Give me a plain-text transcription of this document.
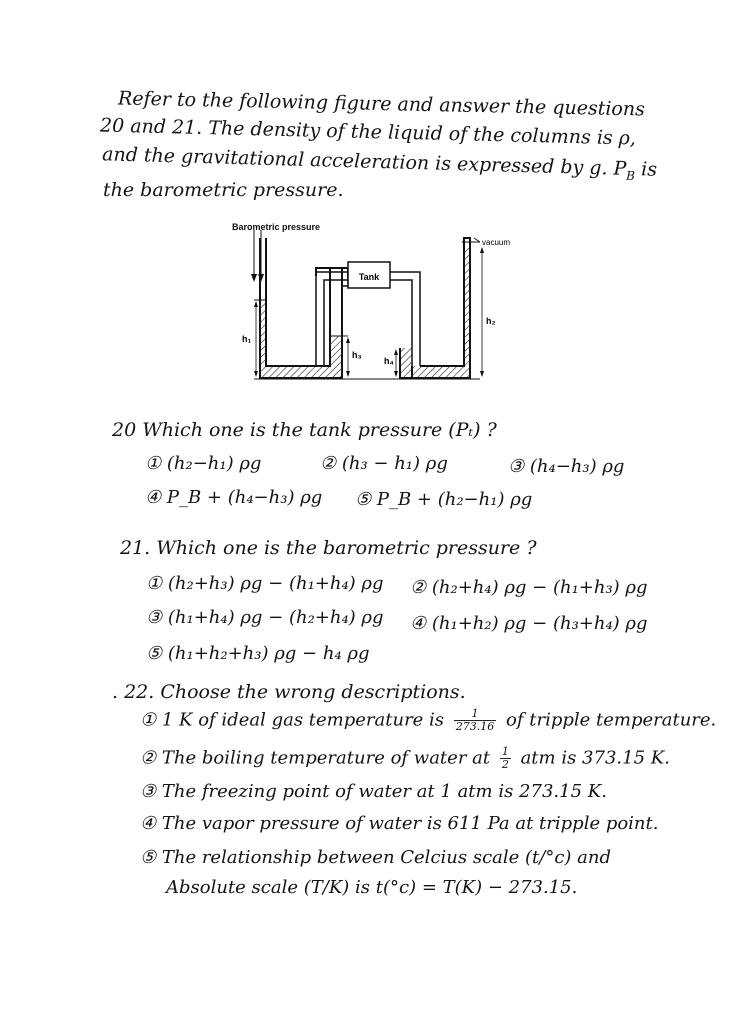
Refer to the following figure and answer the questions
20 and 21. The density of the liquid of the columns is ρ,
and the gravitational acceleration is expressed by g. $P_B$ is
the barometric pressure.
Tank
vacuum
h₁
h₃
h₄
h₂
Barometric pressure
20 Which one is the tank pressure (Pₜ) ?
① (h₂−h₁) ρg	② (h₃ − h₁) ρg	③ (h₄−h₃) ρg
④ P_B + (h₄−h₃) ρg ⑤ P_B + (h₂−h₁) ρg
21. Which one is the barometric pressure ?
① (h₂+h₃) ρg − (h₁+h₄) ρg ② (h₂+h₄) ρg − (h₁+h₃) ρg
③ (h₁+h₄) ρg − (h₂+h₄) ρg ④ (h₁+h₂) ρg − (h₃+h₄) ρg
⑤ (h₁+h₂+h₃) ρg − h₄ ρg
. 22. Choose the wrong descriptions.
① 1 K of ideal gas temperature is $\frac{1}{273.16}$ of tripple temperature.
② The boiling temperature of water at $\frac{1}{2}$ atm is 373.15 K.
③ The freezing point of water at 1 atm is 273.15 K.
④ The vapor pressure of water is 611 Pa at tripple point.
⑤ The relationship between Celcius scale (t/°c) and
Absolute scale (T/K) is t(°c) = T(K) − 273.15.
